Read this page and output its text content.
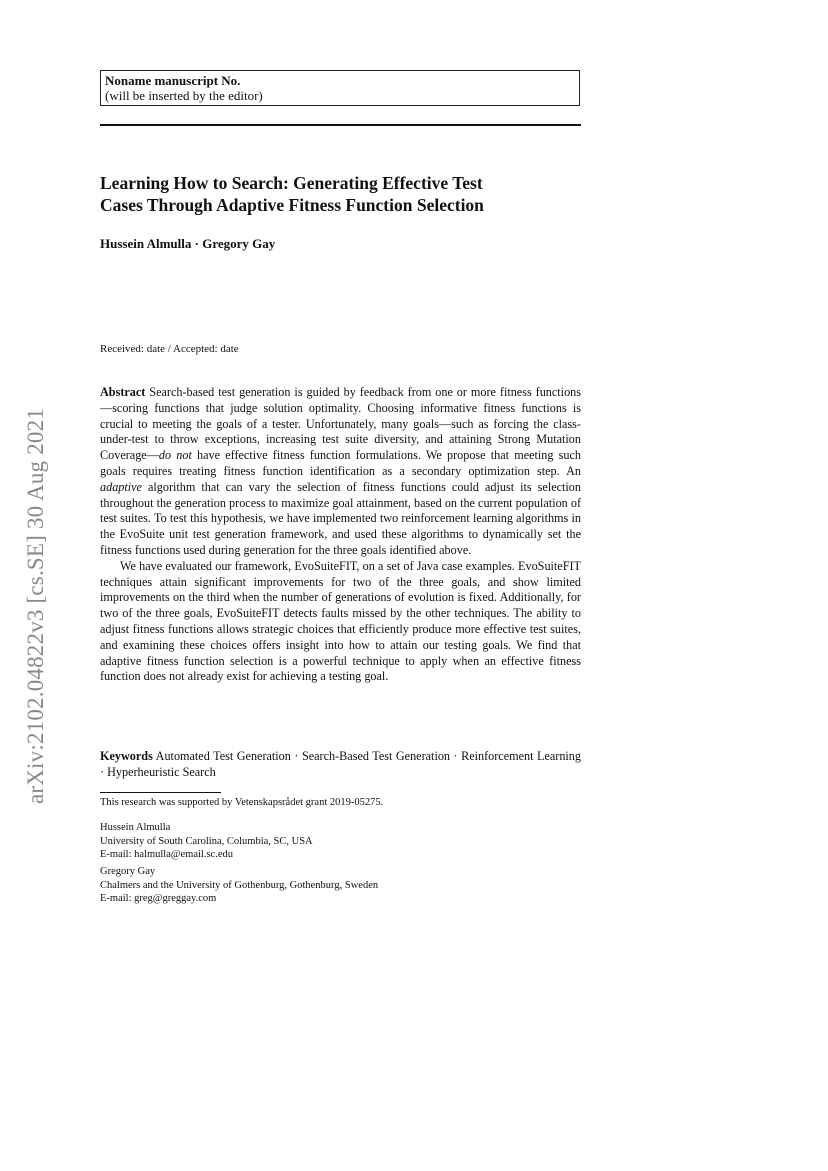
Noname manuscript No.
(will be inserted by the editor)
Learning How to Search: Generating Effective Test
Cases Through Adaptive Fitness Function Selection
Hussein Almulla · Gregory Gay
Received: date / Accepted: date

Abstract Search-based test generation is guided by feedback from one or more fitness functions—scoring functions that judge solution optimality. Choosing informative fitness functions is crucial to meeting the goals of a tester. Unfortunately, many goals—such as forcing the class-under-test to throw exceptions, increasing test suite diversity, and attaining Strong Mutation Coverage—do not have effective fitness function formulations. We propose that meeting such goals requires treating fitness function identification as a secondary optimization step. An adaptive algorithm that can vary the selection of fitness functions could adjust its selection throughout the generation process to maximize goal attainment, based on the current population of test suites. To test this hypothesis, we have implemented two reinforcement learning algorithms in the EvoSuite unit test generation framework, and used these algorithms to dynamically set the fitness functions used during generation for the three goals identified above.

We have evaluated our framework, EvoSuiteFIT, on a set of Java case examples. EvoSuiteFIT techniques attain significant improvements for two of the three goals, and show limited improvements on the third when the number of generations of evolution is fixed. Additionally, for two of the three goals, EvoSuiteFIT detects faults missed by the other techniques. The ability to adjust fitness functions allows strategic choices that efficiently produce more effective test suites, and examining these choices offers insight into how to attain our testing goals. We find that adaptive fitness function selection is a powerful technique to apply when an effective fitness function does not already exist for achieving a testing goal.

Keywords Automated Test Generation · Search-Based Test Generation · Reinforcement Learning · Hyperheuristic Search
This research was supported by Vetenskapsrådet grant 2019-05275.
Hussein Almulla
University of South Carolina, Columbia, SC, USA
E-mail: halmulla@email.sc.edu
Gregory Gay
Chalmers and the University of Gothenburg, Gothenburg, Sweden
E-mail: greg@greggay.com
arXiv:2102.04822v3 [cs.SE] 30 Aug 2021
